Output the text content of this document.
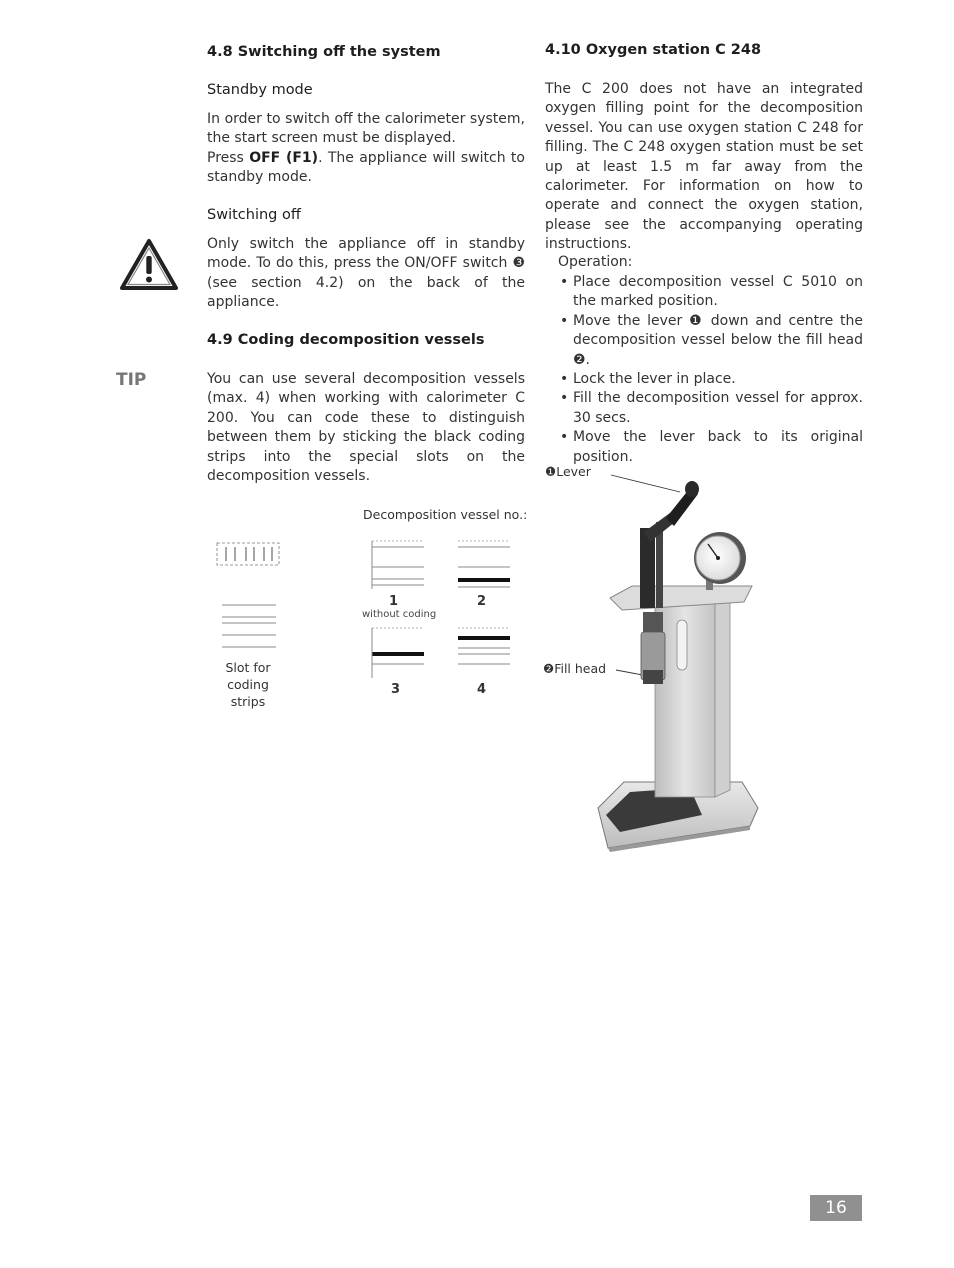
4.8 Switching off the system
Standby mode

In order to switch off the calorimeter system, the start screen must be displayed.

Press OFF (F1). The appliance will switch to standby mode.

Switching off

Only switch the appliance off in standby mode. To do this, press the ON/OFF switch ❸ (see section 4.2) on the back of the appliance.

4.9 Coding decomposition vessels
TIP	You can use several decomposition vessels (max. 4) when working with calorimeter C 200. You can code these to distinguish between them by sticking the black coding strips into the special slots on the decomposition vessels.

Decomposition vessel no.:
Slot for
coding strips
1
without coding
2
3	4
4.10 Oxygen station C 248

The C 200 does not have an integrated oxygen filling point for the decomposition vessel. You can use oxygen station C 248 for filling. The C 248 oxygen station must be set up at least 1.5 m far away from the calorimeter. For information on how to operate and connect the oxygen station, please see the accompanying operating instructions.

Operation:
• Place decomposition vessel C 5010 on the marked position.
• Move the lever ❶ down and centre the decomposition vessel below the fill head ❷.
• Lock the lever in place.
• Fill the decomposition vessel for approx. 30 secs.
• Move the lever back to its original position.
❶Lever
❷Fill head
16
